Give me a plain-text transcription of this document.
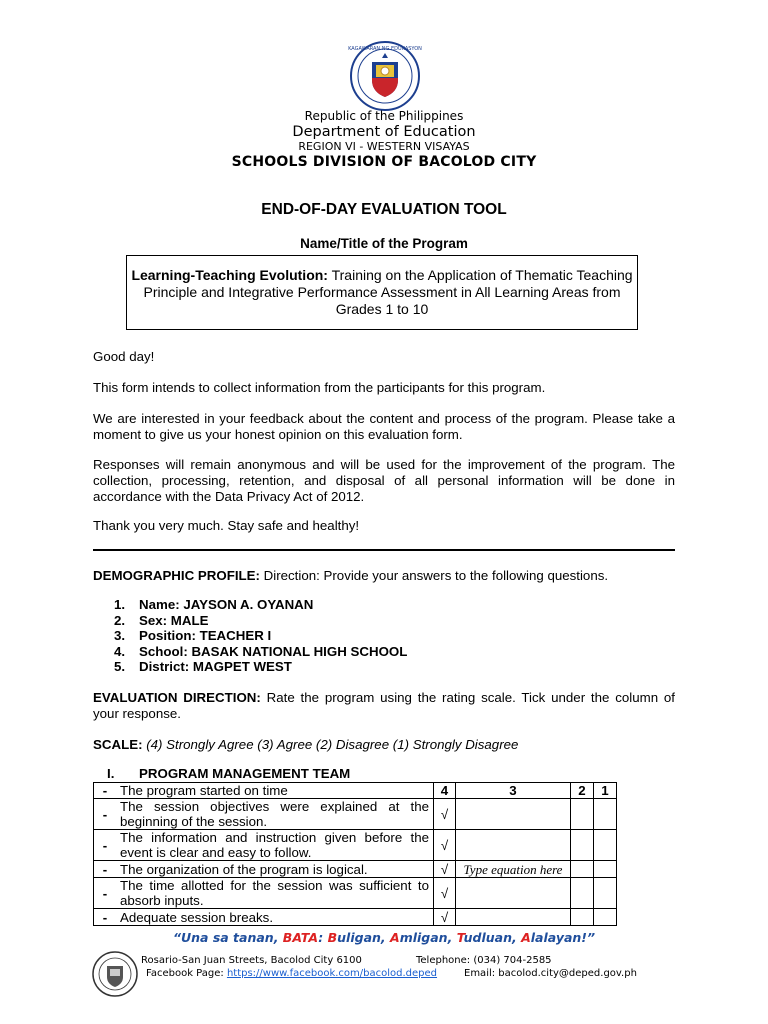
KAGAWARAN NG EDUKASYON
Republic of the Philippines
Department of Education
REGION VI - WESTERN VISAYAS
SCHOOLS DIVISION OF BACOLOD CITY
END-OF-DAY EVALUATION TOOL
Name/Title of the Program
Learning-Teaching Evolution: Training on the Application of Thematic Teaching Principle and Integrative Performance Assessment in All Learning Areas from Grades 1 to 10
Good day!
This form intends to collect information from the participants for this program.
We are interested in your feedback about the content and process of the program. Please take a moment to give us your honest opinion on this evaluation form.
Responses will remain anonymous and will be used for the improvement of the program. The collection, processing, retention, and disposal of all personal information will be done in accordance with the Data Privacy Act of 2012.
Thank you very much. Stay safe and healthy!
DEMOGRAPHIC PROFILE: Direction: Provide your answers to the following questions.
1. Name: JAYSON A. OYANAN
2. Sex: MALE
3. Position: TEACHER I
4. School: BASAK NATIONAL HIGH SCHOOL
5. District: MAGPET WEST
EVALUATION DIRECTION: Rate the program using the rating scale. Tick under the column of your response.
SCALE: (4) Strongly Agree (3) Agree (2) Disagree (1) Strongly Disagree
I. PROGRAM MANAGEMENT TEAM
-	The program started on time	4	3	2	1
-	The session objectives were explained at the beginning of the session.	√			
-	The information and instruction given before the event is clear and easy to follow.	√			
-	The organization of the program is logical.	√	Type equation here		
-	The time allotted for the session was sufficient to absorb inputs.	√			
-	Adequate session breaks.	√			
“Una sa tanan, BATA: Buligan, Amligan, Tudluan, Alalayan!”
Rosario-San Juan Streets, Bacolod City 6100	Telephone: (034) 704-2585
Facebook Page: https://www.facebook.com/bacolod.deped	Email: bacolod.city@deped.gov.ph
